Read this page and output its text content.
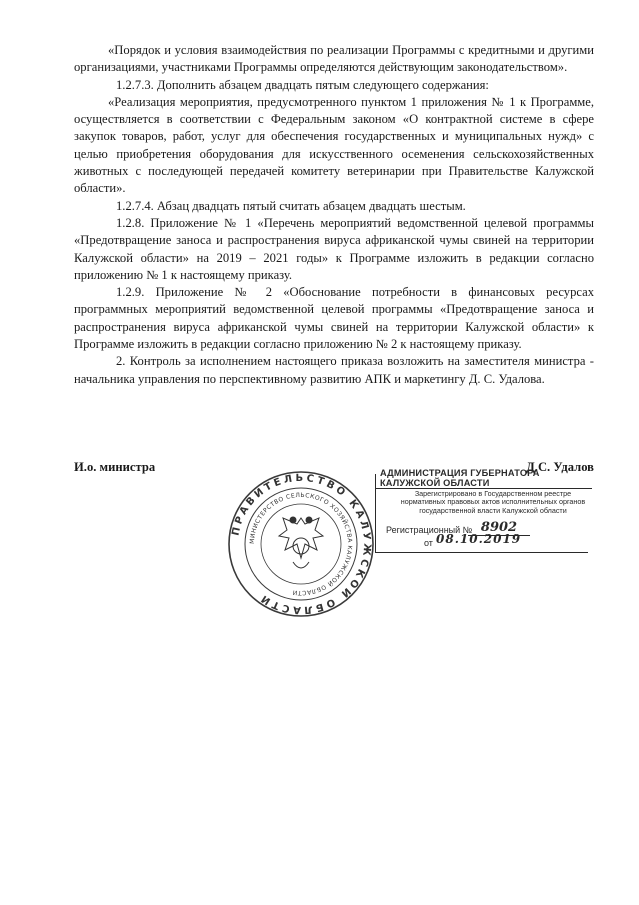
«Порядок и условия взаимодействия по реализации Программы с кредитными и другими организациями, участниками Программы определяются действующим законодательством».

1.2.7.3. Дополнить абзацем двадцать пятым следующего содержания:

«Реализация мероприятия, предусмотренного пунктом 1 приложения № 1 к Программе, осуществляется в соответствии с Федеральным законом «О контрактной системе в сфере закупок товаров, работ, услуг для обеспечения государственных и муниципальных нужд» с целью приобретения оборудования для искусственного осеменения сельскохозяйственных животных с последующей передачей комитету ветеринарии при Правительстве Калужской области».

1.2.7.4. Абзац двадцать пятый считать абзацем двадцать шестым.

1.2.8. Приложение № 1 «Перечень мероприятий ведомственной целевой программы «Предотвращение заноса и распространения вируса африканской чумы свиней на территории Калужской области» на 2019 – 2021 годы» к Программе изложить в редакции согласно приложению № 1 к настоящему приказу.

1.2.9. Приложение № 2 «Обоснование потребности в финансовых ресурсах программных мероприятий ведомственной целевой программы «Предотвращение заноса и распространения вируса африканской чумы свиней на территории Калужской области» к Программе изложить в редакции согласно приложению № 2 к настоящему приказу.

2. Контроль за исполнением настоящего приказа возложить на заместителя министра - начальника управления по перспективному развитию АПК и маркетингу Д. С. Удалова.

И.о. министра	Д.С. Удалов
АДМИНИСТРАЦИЯ ГУБЕРНАТОРА КАЛУЖСКОЙ ОБЛАСТИ
Зарегистрировано в Государственном реестре нормативных правовых актов исполнительных органов государственной власти Калужской области
Регистрационный № 8902
от 08.10.2019
ПРАВИТЕЛЬСТВО КАЛУЖСКОЙ ОБЛАСТИ
МИНИСТЕРСТВО СЕЛЬСКОГО ХОЗЯЙСТВА КАЛУЖСКОЙ ОБЛАСТИ
